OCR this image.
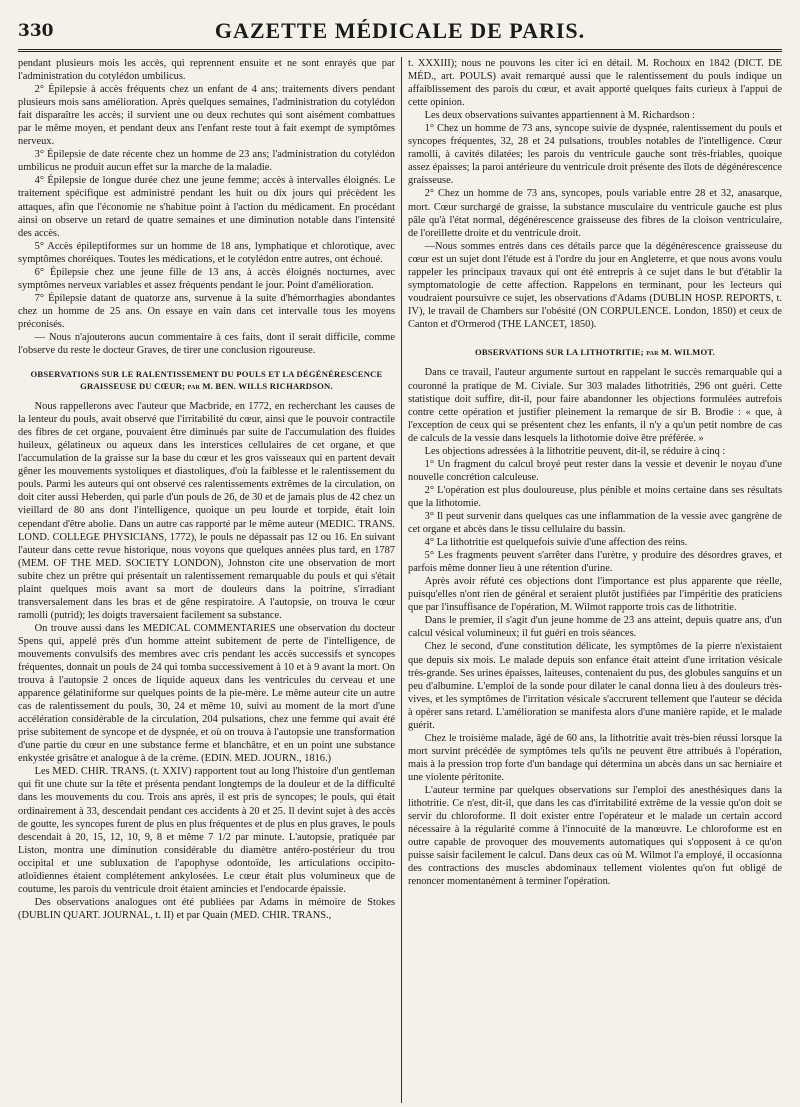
330	GAZETTE MÉDICALE DE PARIS.

pendant plusieurs mois les accès, qui reprennent ensuite et ne sont enrayés que par l'administration du cotylédon umbilicus.

2° Épilepsie à accès fréquents chez un enfant de 4 ans; traitements divers pendant plusieurs mois sans amélioration. Après quelques semaines, l'administration du cotylédon fait disparaître les accès; il survient une ou deux rechutes qui sont aisément combattues par le même moyen, et pendant deux ans l'enfant reste tout à fait exempt de symptômes nerveux.

3° Épilepsie de date récente chez un homme de 23 ans; l'administration du cotylédon umbilicus ne produit aucun effet sur la marche de la maladie.

4° Épilepsie de longue durée chez une jeune femme; accès à intervalles éloignés. Le traitement spécifique est administré pendant les huit ou dix jours qui précèdent les attaques, afin que l'économie ne s'habitue point à l'action du médicament. En procédant ainsi on observe un retard de quatre semaines et une diminution notable dans l'intensité des accès.

5° Accès épileptiformes sur un homme de 18 ans, lymphatique et chlorotique, avec symptômes choréiques. Toutes les médications, et le cotylédon entre autres, ont échoué.

6° Épilepsie chez une jeune fille de 13 ans, à accès éloignés nocturnes, avec symptômes nerveux variables et assez fréquents pendant le jour. Point d'amélioration.

7° Épilepsie datant de quatorze ans, survenue à la suite d'hémorrhagies abondantes chez un homme de 25 ans. On essaye en vain dans cet intervalle tous les moyens préconisés.

— Nous n'ajouterons aucun commentaire à ces faits, dont il serait difficile, comme l'observe du reste le docteur Graves, de tirer une conclusion rigoureuse.

OBSERVATIONS SUR LE RALENTISSEMENT DU POULS ET LA DÉGÉNÉRESCENCE GRAISSEUSE DU CŒUR; par M. BEN. WILLS RICHARDSON.

Nous rappellerons avec l'auteur que Macbride, en 1772, en recherchant les causes de la lenteur du pouls, avait observé que l'irritabilité du cœur, ainsi que le pouvoir contractile des fibres de cet organe, pouvaient être diminués par suite de l'accumulation des fluides huileux, gélatineux ou aqueux dans les interstices cellulaires de cet organe, et que l'accumulation de la graisse sur la base du cœur et les gros vaisseaux qui en partent devait gêner les mouvements systoliques et diastoliques, d'où la faiblesse et le ralentissement du pouls. Parmi les auteurs qui ont observé ces ralentissements extrêmes de la circulation, on doit citer aussi Heberden, qui parle d'un pouls de 26, de 30 et de jamais plus de 42 chez un vieillard de 80 ans dont l'intelligence, quoique un peu lourde et torpide, était loin cependant d'être abolie. Dans un autre cas rapporté par le même auteur (MEDIC. TRANS. LOND. COLLEGE PHYSICIANS, 1772), le pouls ne dépassait pas 12 ou 16. En suivant l'auteur dans cette revue historique, nous voyons que quelques années plus tard, en 1787 (MEM. OF THE MED. SOCIETY LONDON), Johnston cite une observation de mort subite chez un prêtre qui présentait un ralentissement remarquable du pouls et qui s'était plaint quelques mois avant sa mort de douleurs dans la poitrine, s'irradiant transversalement dans les bras et de gêne respiratoire. A l'autopsie, on trouva le cœur ramolli (putrid); les doigts traversaient facilement sa substance.

On trouve aussi dans les MEDICAL COMMENTARIES une observation du docteur Spens qui, appelé près d'un homme atteint subitement de perte de l'intelligence, de mouvements convulsifs des membres avec cris pendant les accès successifs et syncopes fréquentes, donnait un pouls de 24 qui tomba successivement à 10 et à 9 avant la mort. On trouva à l'autopsie 2 onces de liquide aqueux dans les ventricules du cerveau et une apparence gélatiniforme sur quelques points de la pie-mère. Le même auteur cite un autre cas de ralentissement du pouls, 30, 24 et même 10, suivi au moment de la mort d'une accélération considérable de la circulation, 204 pulsations, chez une femme qui avait été prise subitement de syncope et de dyspnée, et où on trouva à l'autopsie une transformation d'une partie du cœur en une substance ferme et blanchâtre, et en un point une substance enkystée grisâtre et analogue à de la crème. (EDIN. MED. JOURN., 1816.)

Les MED. CHIR. TRANS. (t. XXIV) rapportent tout au long l'histoire d'un gentleman qui fit une chute sur la tête et présenta pendant longtemps de la douleur et de la difficulté dans les mouvements du cou. Trois ans après, il est pris de syncopes; le pouls, qui était ordinairement à 33, descendait pendant ces accidents à 20 et 25. Il devint sujet à des accès de goutte, les syncopes furent de plus en plus fréquentes et de plus en plus graves, le pouls descendait à 20, 15, 12, 10, 9, 8 et même 7 1/2 par minute. L'autopsie, pratiquée par Liston, montra une diminution considérable du diamètre antéro-postérieur du trou occipital et une subluxation de l'apophyse odontoïde, les articulations occipito-atloïdiennes étaient complétement ankylosées. Le cœur était plus volumineux que de coutume, les parois du ventricule droit étaient amincies et l'endocarde épaissie.

Des observations analogues ont été publiées par Adams in mémoire de Stokes (DUBLIN QUART. JOURNAL, t. II) et par Quain (MED. CHIR. TRANS.,

t. XXXIII); nous ne pouvons les citer ici en détail. M. Rochoux en 1842 (DICT. DE MÉD., art. POULS) avait remarqué aussi que le ralentissement du pouls indique un affaiblissement des parois du cœur, et avait apporté quelques faits curieux à l'appui de cette opinion.

Les deux observations suivantes appartiennent à M. Richardson :

1° Chez un homme de 73 ans, syncope suivie de dyspnée, ralentissement du pouls et syncopes fréquentes, 32, 28 et 24 pulsations, troubles notables de l'intelligence. Cœur ramolli, à cavités dilatées; les parois du ventricule gauche sont très-friables, quoique assez épaisses; la paroi antérieure du ventricule droit présente des îlots de dégénérescence graisseuse.

2° Chez un homme de 73 ans, syncopes, pouls variable entre 28 et 32, anasarque, mort. Cœur surchargé de graisse, la substance musculaire du ventricule gauche est plus pâle qu'à l'état normal, dégénérescence graisseuse des fibres de la cloison ventriculaire, de l'oreillette droite et du ventricule droit.

—Nous sommes entrés dans ces détails parce que la dégénérescence graisseuse du cœur est un sujet dont l'étude est à l'ordre du jour en Angleterre, et que nous avons voulu rappeler les principaux travaux qui ont été entrepris à ce sujet dans le but d'établir la symptomatologie de cette affection. Rappelons en terminant, pour les lecteurs qui voudraient poursuivre ce sujet, les observations d'Adams (DUBLIN HOSP. REPORTS, t. IV), le travail de Chambers sur l'obésité (ON CORPULENCE. London, 1850) et ceux de Canton et d'Ormerod (THE LANCET, 1850).

OBSERVATIONS SUR LA LITHOTRITIE; par M. WILMOT.

Dans ce travail, l'auteur argumente surtout en rappelant le succès remarquable qui a couronné la pratique de M. Civiale. Sur 303 malades lithotritiés, 296 ont guéri. Cette statistique doit suffire, dit-il, pour faire abandonner les objections formulées autrefois contre cette opération et justifier pleinement la remarque de sir B. Brodie : « que, à l'exception de ceux qui se présentent chez les enfants, il n'y a qu'un petit nombre de cas de calculs de la vessie dans lesquels la lithotomie doive être préférée. »

Les objections adressées à la lithotritie peuvent, dit-il, se réduire à cinq :

1° Un fragment du calcul broyé peut rester dans la vessie et devenir le noyau d'une nouvelle concrétion calculeuse.

2° L'opération est plus douloureuse, plus pénible et moins certaine dans ses résultats que la lithotomie.

3° Il peut survenir dans quelques cas une inflammation de la vessie avec gangrène de cet organe et abcès dans le tissu cellulaire du bassin.

4° La lithotritie est quelquefois suivie d'une affection des reins.

5° Les fragments peuvent s'arrêter dans l'urètre, y produire des désordres graves, et parfois même donner lieu à une rétention d'urine.

Après avoir réfuté ces objections dont l'importance est plus apparente que réelle, puisqu'elles n'ont rien de général et seraient plutôt justifiées par l'impéritie des praticiens que par l'insuffisance de l'opération, M. Wilmot rapporte trois cas de lithotritie.

Dans le premier, il s'agit d'un jeune homme de 23 ans atteint, depuis quatre ans, d'un calcul vésical volumineux; il fut guéri en trois séances.

Chez le second, d'une constitution délicate, les symptômes de la pierre n'existaient que depuis six mois. Le malade depuis son enfance était atteint d'une irritation vésicale très-grande. Ses urines épaisses, laiteuses, contenaient du pus, des globules sanguins et un peu d'albumine. L'emploi de la sonde pour dilater le canal donna lieu à des douleurs très-vives, et les symptômes de l'irritation vésicale s'accrurent tellement que l'auteur se décida à opérer sans retard. L'amélioration se manifesta alors d'une manière rapide, et le malade guérit.

Chez le troisième malade, âgé de 60 ans, la lithotritie avait très-bien réussi lorsque la mort survint précédée de symptômes tels qu'ils ne peuvent être attribués à l'opération, mais à la pression trop forte d'un bandage qui détermina un abcès dans un sac herniaire et une violente péritonite.

L'auteur termine par quelques observations sur l'emploi des anesthésiques dans la lithotritie. Ce n'est, dit-il, que dans les cas d'irritabilité extrême de la vessie qu'on doit se servir du chloroforme. Il doit exister entre l'opérateur et le malade un certain accord nécessaire à la régularité comme à l'innocuité de la manœuvre. Le chloroforme est en outre capable de provoquer des mouvements automatiques qui s'opposent à ce qu'on puisse saisir facilement le calcul. Dans deux cas où M. Wilmot l'a employé, il occasionna des contractions des muscles abdominaux tellement violentes qu'on fut obligé de renoncer momentanément à terminer l'opération.
